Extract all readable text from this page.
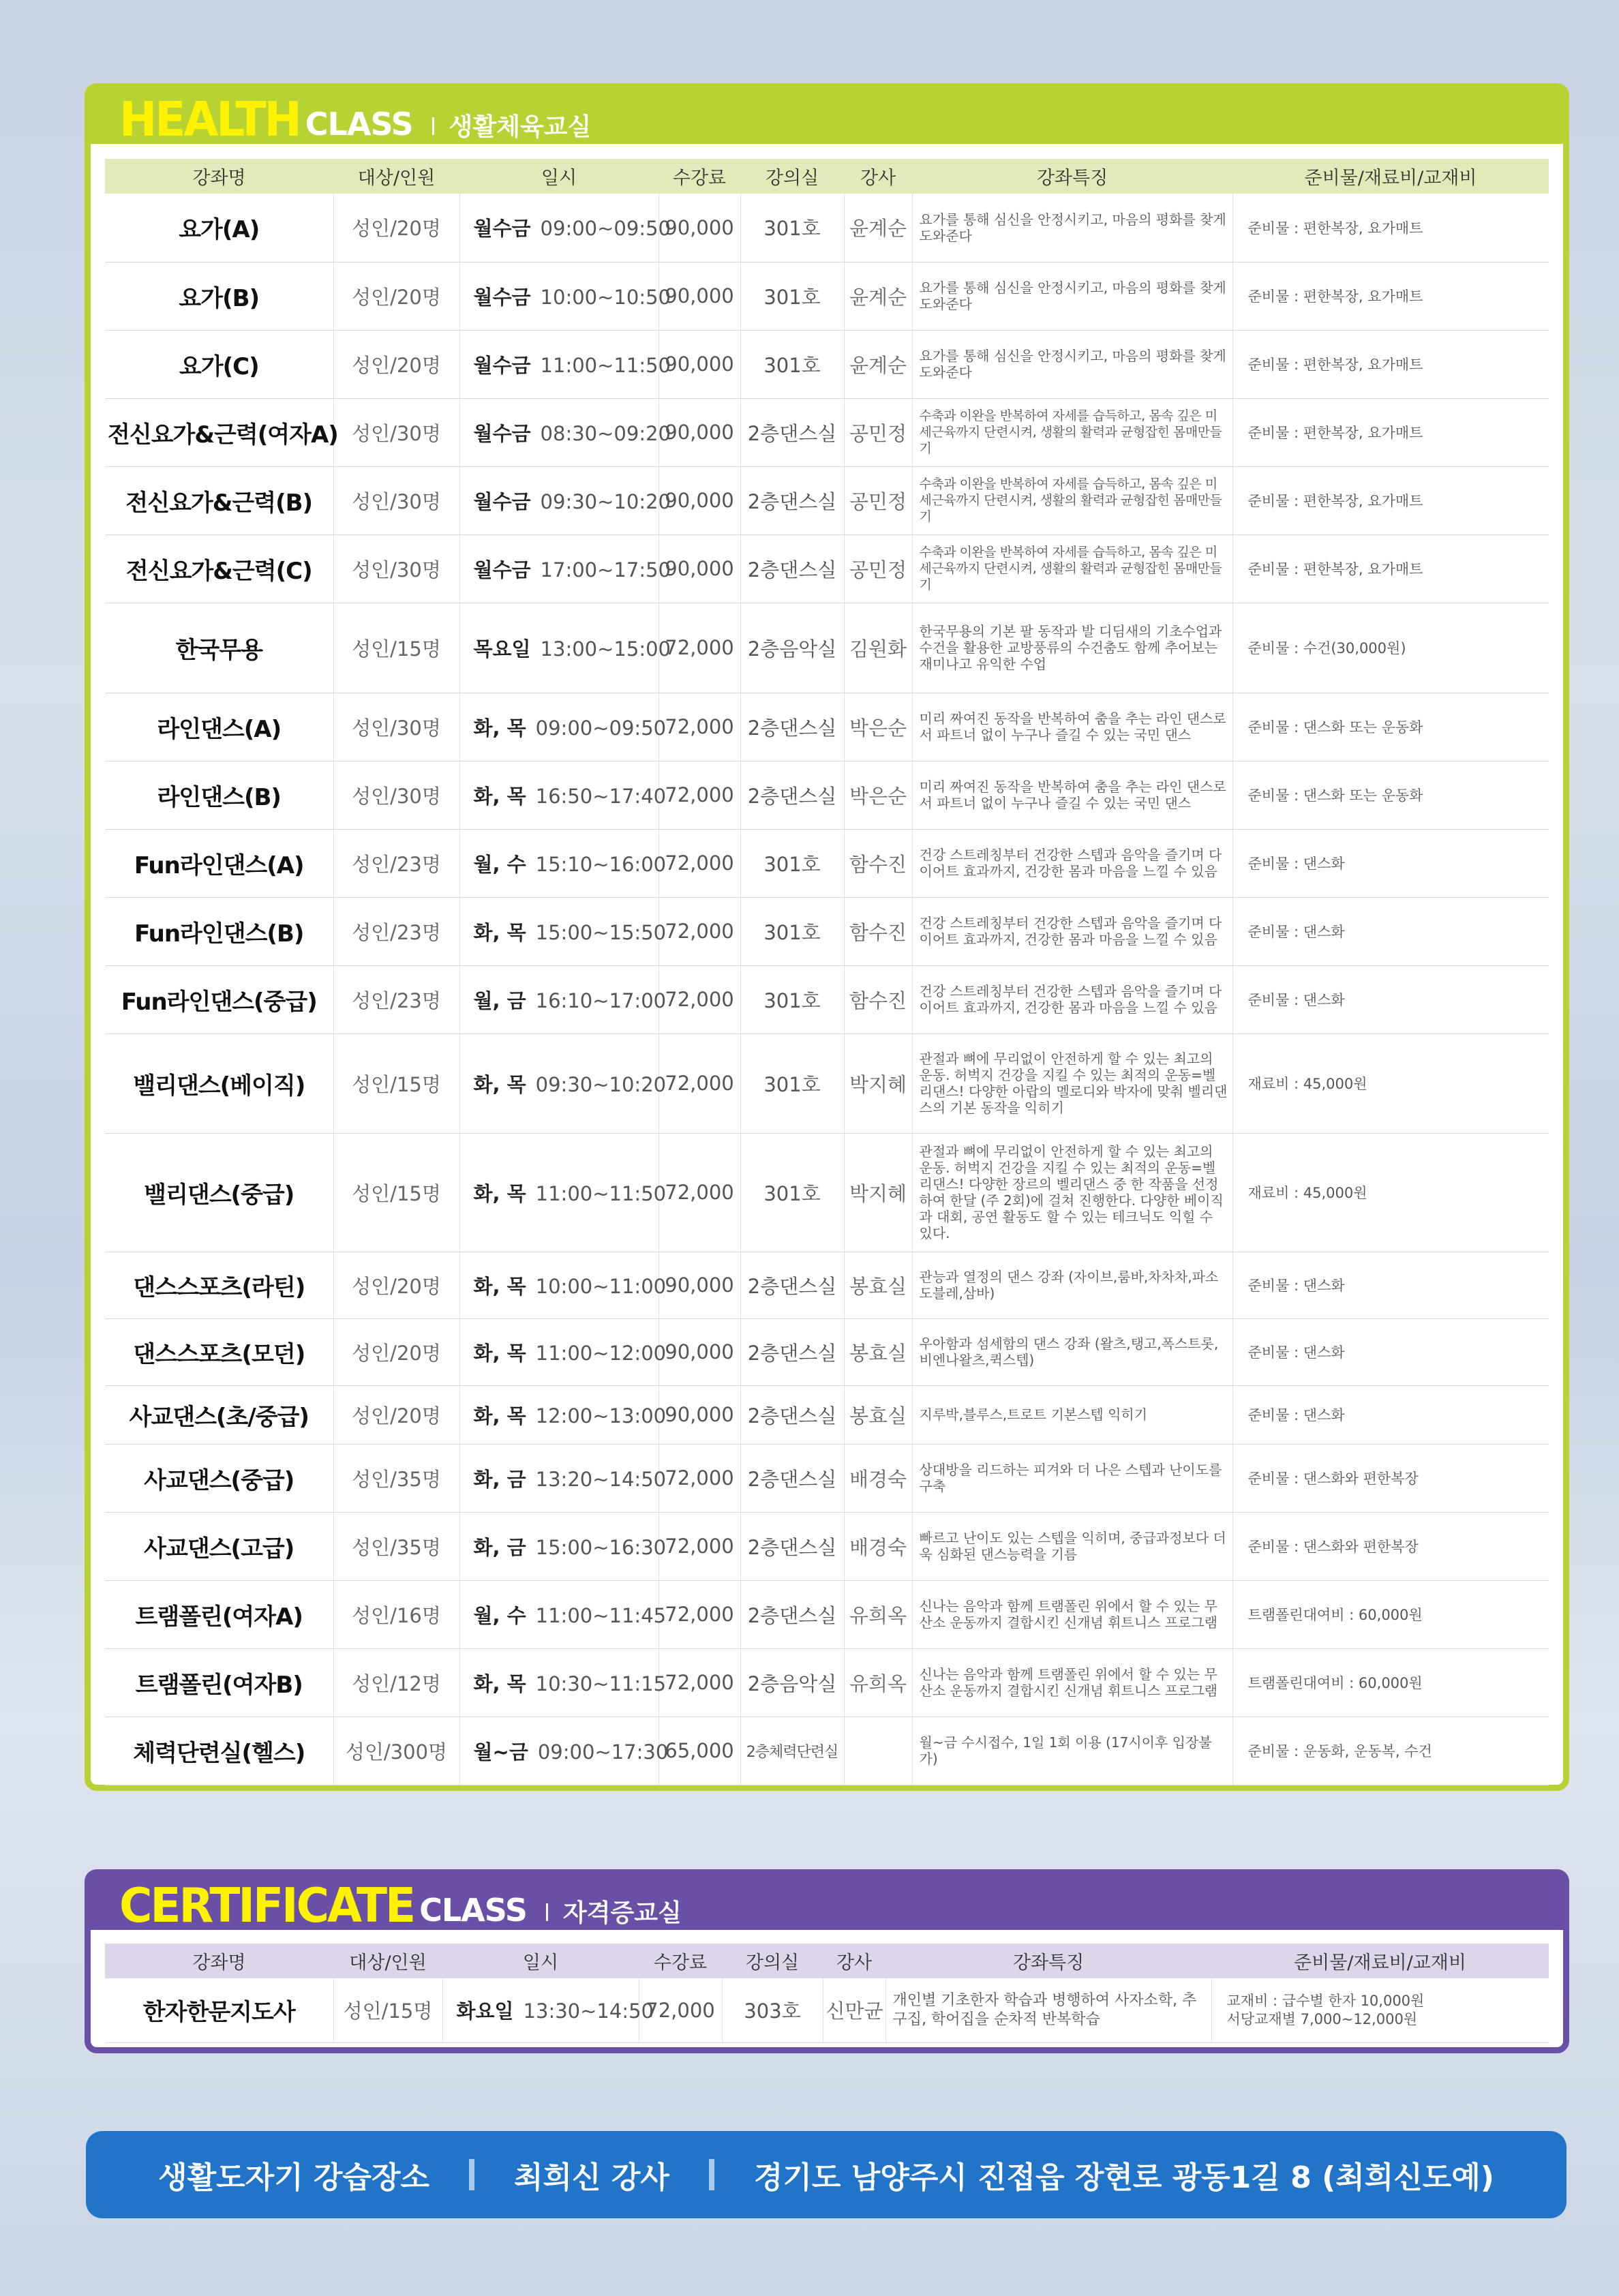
HEALTH CLASS 생활체육교실
강좌명	대상/인원	일시	수강료	강의실	강사	강좌특징	준비물/재료비/교재비
요가(A)	성인/20명	월수금 09:00~09:50	90,000	301호	윤계순	요가를 통해 심신을 안정시키고, 마음의 평화를 찾게 도와준다	준비물 : 편한복장, 요가매트
요가(B)	성인/20명	월수금 10:00~10:50	90,000	301호	윤계순	요가를 통해 심신을 안정시키고, 마음의 평화를 찾게 도와준다	준비물 : 편한복장, 요가매트
요가(C)	성인/20명	월수금 11:00~11:50	90,000	301호	윤계순	요가를 통해 심신을 안정시키고, 마음의 평화를 찾게 도와준다	준비물 : 편한복장, 요가매트
전신요가&근력(여자A)	성인/30명	월수금 08:30~09:20	90,000	2층댄스실	공민정	수축과 이완을 반복하여 자세를 습득하고, 몸속 깊은 미세근육까지 단련시켜, 생활의 활력과 균형잡힌 몸매만들기	준비물 : 편한복장, 요가매트
전신요가&근력(B)	성인/30명	월수금 09:30~10:20	90,000	2층댄스실	공민정	수축과 이완을 반복하여 자세를 습득하고, 몸속 깊은 미세근육까지 단련시켜, 생활의 활력과 균형잡힌 몸매만들기	준비물 : 편한복장, 요가매트
전신요가&근력(C)	성인/30명	월수금 17:00~17:50	90,000	2층댄스실	공민정	수축과 이완을 반복하여 자세를 습득하고, 몸속 깊은 미세근육까지 단련시켜, 생활의 활력과 균형잡힌 몸매만들기	준비물 : 편한복장, 요가매트
한국무용	성인/15명	목요일 13:00~15:00	72,000	2층음악실	김원화	한국무용의 기본 팔 동작과 발 디딤새의 기초수업과 수건을 활용한 교방풍류의 수건춤도 함께 추어보는 재미나고 유익한 수업	준비물 : 수건(30,000원)
라인댄스(A)	성인/30명	화, 목 09:00~09:50	72,000	2층댄스실	박은순	미리 짜여진 동작을 반복하여 춤을 추는 라인 댄스로서 파트너 없이 누구나 즐길 수 있는 국민 댄스	준비물 : 댄스화 또는 운동화
라인댄스(B)	성인/30명	화, 목 16:50~17:40	72,000	2층댄스실	박은순	미리 짜여진 동작을 반복하여 춤을 추는 라인 댄스로서 파트너 없이 누구나 즐길 수 있는 국민 댄스	준비물 : 댄스화 또는 운동화
Fun라인댄스(A)	성인/23명	월, 수 15:10~16:00	72,000	301호	함수진	건강 스트레칭부터 건강한 스텝과 음악을 즐기며 다이어트 효과까지, 건강한 몸과 마음을 느낄 수 있음	준비물 : 댄스화
Fun라인댄스(B)	성인/23명	화, 목 15:00~15:50	72,000	301호	함수진	건강 스트레칭부터 건강한 스텝과 음악을 즐기며 다이어트 효과까지, 건강한 몸과 마음을 느낄 수 있음	준비물 : 댄스화
Fun라인댄스(중급)	성인/23명	월, 금 16:10~17:00	72,000	301호	함수진	건강 스트레칭부터 건강한 스텝과 음악을 즐기며 다이어트 효과까지, 건강한 몸과 마음을 느낄 수 있음	준비물 : 댄스화
밸리댄스(베이직)	성인/15명	화, 목 09:30~10:20	72,000	301호	박지혜	관절과 뼈에 무리없이 안전하게 할 수 있는 최고의 운동. 허벅지 건강을 지킬 수 있는 최적의 운동=벨리댄스! 다양한 아랍의 멜로디와 박자에 맞춰 벨리댄스의 기본 동작을 익히기	재료비 : 45,000원
밸리댄스(중급)	성인/15명	화, 목 11:00~11:50	72,000	301호	박지혜	관절과 뼈에 무리없이 안전하게 할 수 있는 최고의 운동. 허벅지 건강을 지킬 수 있는 최적의 운동=벨리댄스! 다양한 장르의 벨리댄스 중 한 작품을 선정하여 한달 (주 2회)에 걸쳐 진행한다. 다양한 베이직과 대회, 공연 활동도 할 수 있는 테크닉도 익힐 수 있다.	재료비 : 45,000원
댄스스포츠(라틴)	성인/20명	화, 목 10:00~11:00	90,000	2층댄스실	봉효실	관능과 열정의 댄스 강좌 (자이브,룸바,차차차,파소도블레,삼바)	준비물 : 댄스화
댄스스포츠(모던)	성인/20명	화, 목 11:00~12:00	90,000	2층댄스실	봉효실	우아함과 섬세함의 댄스 강좌 (왈츠,탱고,폭스트롯,비엔나왈츠,퀵스텝)	준비물 : 댄스화
사교댄스(초/중급)	성인/20명	화, 목 12:00~13:00	90,000	2층댄스실	봉효실	지루박,블루스,트로트 기본스텝 익히기	준비물 : 댄스화
사교댄스(중급)	성인/35명	화, 금 13:20~14:50	72,000	2층댄스실	배경숙	상대방을 리드하는 피겨와 더 나은 스텝과 난이도를 구축	준비물 : 댄스화와 편한복장
사교댄스(고급)	성인/35명	화, 금 15:00~16:30	72,000	2층댄스실	배경숙	빠르고 난이도 있는 스텝을 익히며, 중급과정보다 더욱 심화된 댄스능력을 기름	준비물 : 댄스화와 편한복장
트램폴린(여자A)	성인/16명	월, 수 11:00~11:45	72,000	2층댄스실	유희옥	신나는 음악과 함께 트램폴린 위에서 할 수 있는 무산소 운동까지 결합시킨 신개념 휘트니스 프로그램	트램폴린대여비 : 60,000원
트램폴린(여자B)	성인/12명	화, 목 10:30~11:15	72,000	2층음악실	유희옥	신나는 음악과 함께 트램폴린 위에서 할 수 있는 무산소 운동까지 결합시킨 신개념 휘트니스 프로그램	트램폴린대여비 : 60,000원
체력단련실(헬스)	성인/300명	월~금 09:00~17:30	65,000	2층체력단련실		월~금 수시접수, 1일 1회 이용 (17시이후 입장불가)	준비물 : 운동화, 운동복, 수건
CERTIFICATE CLASS 자격증교실
강좌명	대상/인원	일시	수강료	강의실	강사	강좌특징	준비물/재료비/교재비
한자한문지도사	성인/15명	화요일 13:30~14:50	72,000	303호	신만균	개인별 기초한자 학습과 병행하여 사자소학, 추구집, 학어집을 순차적 반복학습	교재비 : 급수별 한자 10,000원
서당교재별 7,000~12,000원
생활도자기 강습장소	최희신 강사	경기도 남양주시 진접읍 장현로 광동1길 8 (최희신도예)
